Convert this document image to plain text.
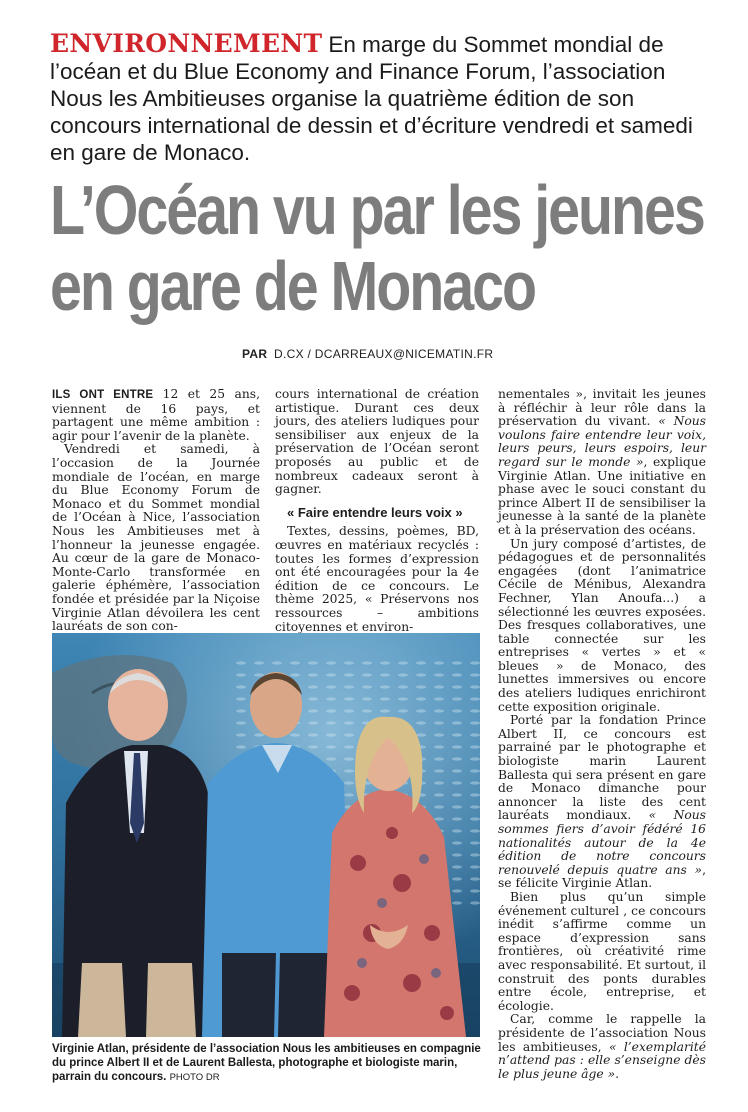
ENVIRONNEMENT En marge du Sommet mondial de l’océan et du Blue Economy and Finance Forum, l’association Nous les Ambitieuses organise la quatrième édition de son concours international de dessin et d’écriture vendredi et samedi en gare de Monaco.
L’Océan vu par les jeunes
en gare de Monaco
PAR D.CX / DCARREAUX@NICEMATIN.FR

ILS ONT ENTRE 12 et 25 ans, viennent de 16 pays, et partagent une même ambition : agir pour l’avenir de la planète.

Vendredi et samedi, à l’occasion de la Journée mondiale de l’océan, en marge du Blue Economy Forum de Monaco et du Sommet mondial de l’Océan à Nice, l’association Nous les Ambitieuses met à l’honneur la jeunesse engagée. Au cœur de la gare de Monaco-Monte-Carlo transformée en galerie éphémère, l’association fondée et présidée par la Niçoise Virginie Atlan dévoilera les cent lauréats de son con-

cours international de création artistique. Durant ces deux jours, des ateliers ludiques pour sensibiliser aux enjeux de la préservation de l’Océan seront proposés au public et de nombreux cadeaux seront à gagner.

« Faire entendre leurs voix »

Textes, dessins, poèmes, BD, œuvres en matériaux recyclés : toutes les formes d’expression ont été encouragées pour la 4e édition de ce concours. Le thème 2025, « Préservons nos ressources – ambitions citoyennes et environ-

nementales », invitait les jeunes à réfléchir à leur rôle dans la préservation du vivant. « Nous voulons faire entendre leur voix, leurs peurs, leurs espoirs, leur regard sur le monde », explique Virginie Atlan. Une initiative en phase avec le souci constant du prince Albert II de sensibiliser la jeunesse à la santé de la planète et à la préservation des océans.

Un jury composé d’artistes, de pédagogues et de personnalités engagées (dont l’animatrice Cécile de Ménibus, Alexandra Fechner, Ylan Anoufa...) a sélectionné les œuvres exposées. Des fresques collaboratives, une table connectée sur les entreprises « vertes » et « bleues » de Monaco, des lunettes immersives ou encore des ateliers ludiques enrichiront cette exposition originale.

Porté par la fondation Prince Albert II, ce concours est parrainé par le photographe et biologiste marin Laurent Ballesta qui sera présent en gare de Monaco dimanche pour annoncer la liste des cent lauréats mondiaux. « Nous sommes fiers d’avoir fédéré 16 nationalités autour de la 4e édition de notre concours renouvelé depuis quatre ans », se félicite Virginie Atlan.

Bien plus qu’un simple événement culturel , ce concours inédit s’affirme comme un espace d’expression sans frontières, où créativité rime avec responsabilité. Et surtout, il construit des ponts durables entre école, entreprise, et écologie.

Car, comme le rappelle la présidente de l’association Nous les ambitieuses, « l’exemplarité n’attend pas : elle s’enseigne dès le plus jeune âge ».

Virginie Atlan, présidente de l’association Nous les ambitieuses en compagnie du prince Albert II et de Laurent Ballesta, photographe et biologiste marin, parrain du concours. PHOTO DR
